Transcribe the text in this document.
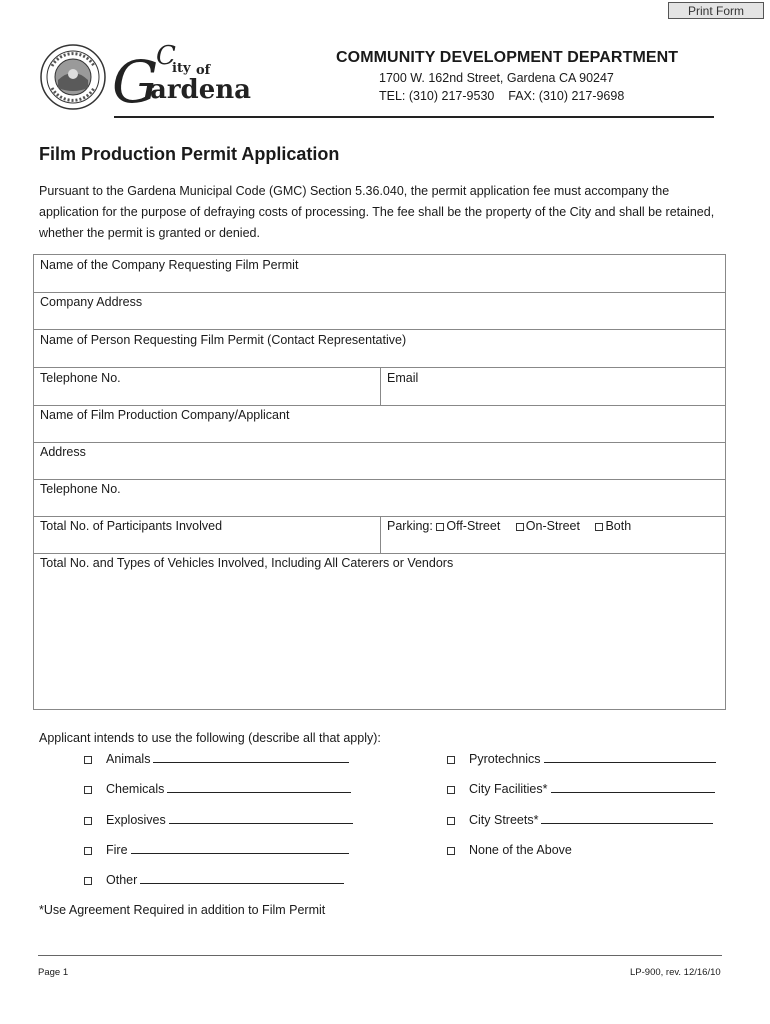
Print Form
G
C
ity of
ardena
COMMUNITY DEVELOPMENT DEPARTMENT
1700 W. 162nd Street, Gardena CA 90247
TEL: (310) 217-9530    FAX: (310) 217-9698
Film Production Permit Application
Pursuant to the Gardena Municipal Code (GMC) Section 5.36.040, the permit application fee must accompany the application for the purpose of defraying costs of processing. The fee shall be the property of the City and shall be retained, whether the permit is granted or denied.
Name of the Company Requesting Film Permit
Company Address
Name of Person Requesting Film Permit (Contact Representative)
Telephone No.	Email
Name of Film Production Company/Applicant
Address
Telephone No.
Total No. of Participants Involved	Parking: Off-Street On-Street Both
Total No. and Types of Vehicles Involved, Including All Caterers or Vendors
Applicant intends to use the following (describe all that apply):
Animals
Chemicals
Explosives
Fire
Other
Pyrotechnics
City Facilities*
City Streets*
None of the Above
*Use Agreement Required in addition to Film Permit
Page 1	LP-900, rev. 12/16/10
